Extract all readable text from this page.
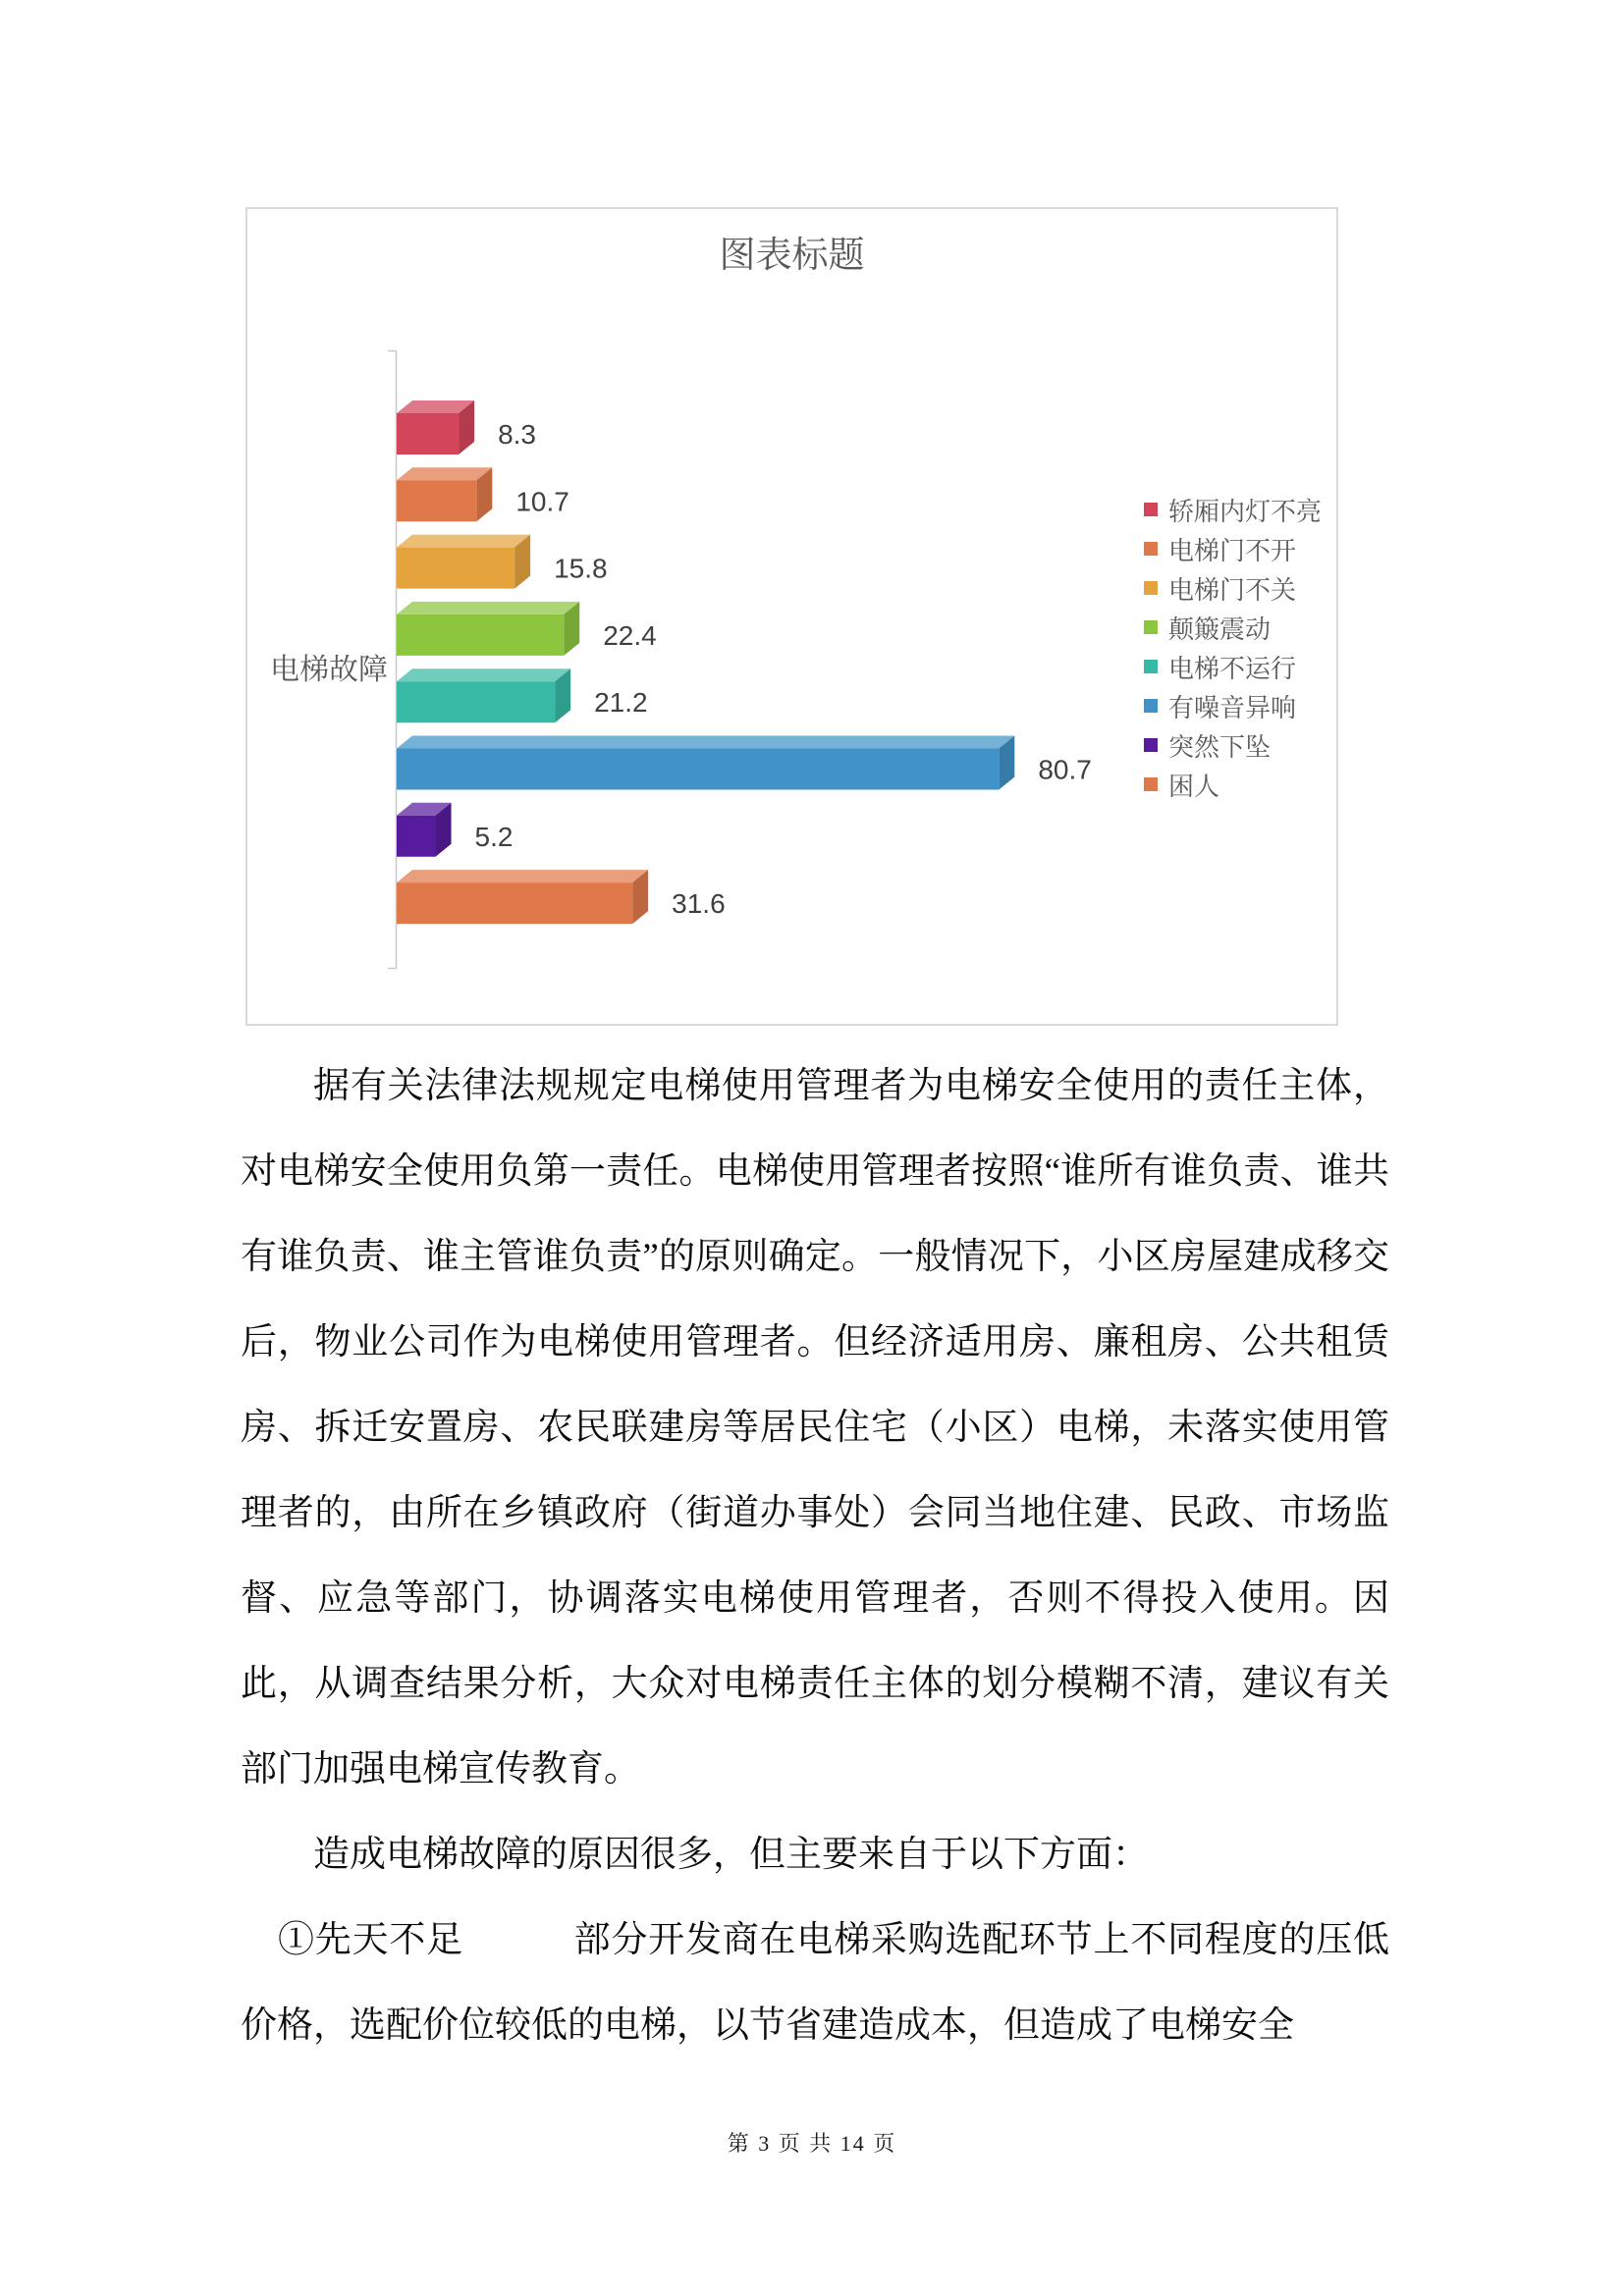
图表标题
8.3
10.7
15.8
22.4
21.2
80.7
5.2
31.6
电梯故障
轿厢内灯不亮
电梯门不开
电梯门不关
颠簸震动
电梯不运行
有噪音异响
突然下坠
困人

据有关法律法规规定电梯使用管理者为电梯安全使用的责任主体，对电梯安全使用负第一责任。电梯使用管理者按照“谁所有谁负责、谁共有谁负责、谁主管谁负责”的原则确定。一般情况下，小区房屋建成移交后，物业公司作为电梯使用管理者。但经济适用房、廉租房、公共租赁房、拆迁安置房、农民联建房等居民住宅（小区）电梯，未落实使用管理者的，由所在乡镇政府（街道办事处）会同当地住建、民政、市场监督、应急等部门，协调落实电梯使用管理者，否则不得投入使用。因此，从调查结果分析，大众对电梯责任主体的划分模糊不清，建议有关部门加强电梯宣传教育。

造成电梯故障的原因很多，但主要来自于以下方面：

①先天不足	部分开发商在电梯采购选配环节上不同程度的压低价格，选配价位较低的电梯，以节省建造成本，但造成了电梯安全

第 3 页 共 14 页
